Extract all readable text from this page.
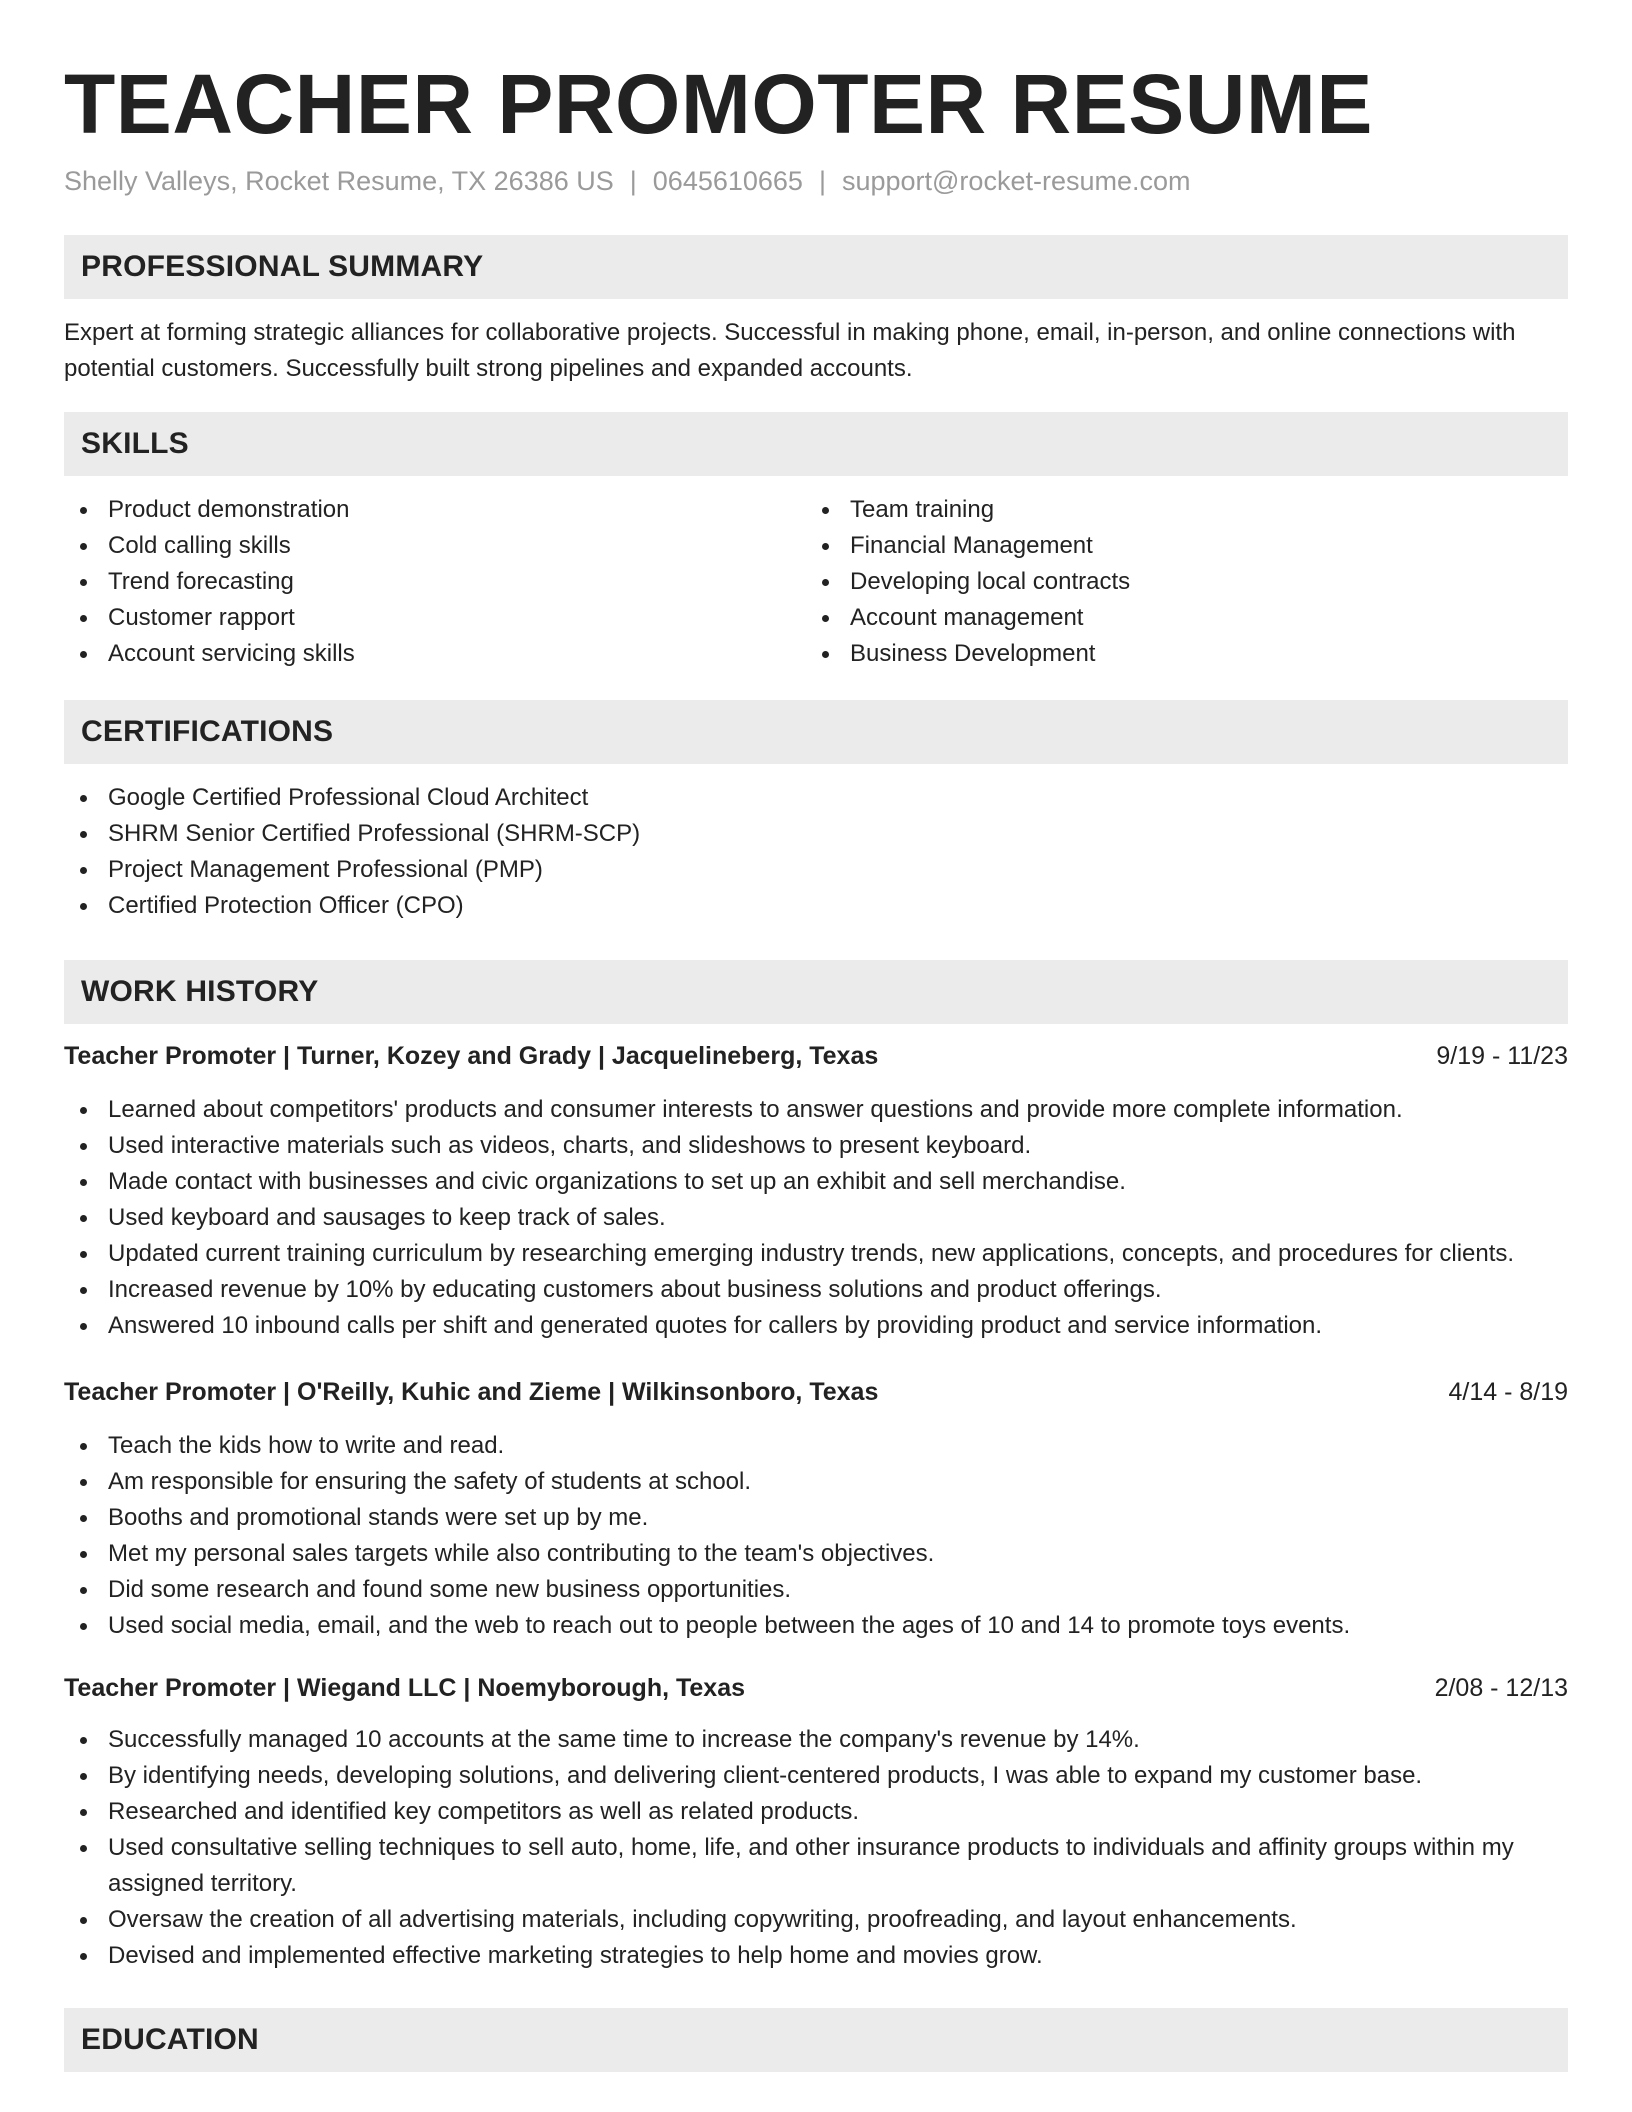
TEACHER PROMOTER RESUME
Shelly Valleys, Rocket Resume, TX 26386 US | 0645610665 | support@rocket-resume.com
PROFESSIONAL SUMMARY

Expert at forming strategic alliances for collaborative projects. Successful in making phone, email, in-person, and online connections with potential customers. Successfully built strong pipelines and expanded accounts.

SKILLS
Product demonstration
Cold calling skills
Trend forecasting
Customer rapport
Account servicing skills
Team training
Financial Management
Developing local contracts
Account management
Business Development
CERTIFICATIONS
Google Certified Professional Cloud Architect
SHRM Senior Certified Professional (SHRM-SCP)
Project Management Professional (PMP)
Certified Protection Officer (CPO)
WORK HISTORY
Teacher Promoter | Turner, Kozey and Grady | Jacquelineberg, Texas	9/19 - 11/23
Learned about competitors' products and consumer interests to answer questions and provide more complete information.
Used interactive materials such as videos, charts, and slideshows to present keyboard.
Made contact with businesses and civic organizations to set up an exhibit and sell merchandise.
Used keyboard and sausages to keep track of sales.
Updated current training curriculum by researching emerging industry trends, new applications, concepts, and procedures for clients.
Increased revenue by 10% by educating customers about business solutions and product offerings.
Answered 10 inbound calls per shift and generated quotes for callers by providing product and service information.
Teacher Promoter | O'Reilly, Kuhic and Zieme | Wilkinsonboro, Texas	4/14 - 8/19
Teach the kids how to write and read.
Am responsible for ensuring the safety of students at school.
Booths and promotional stands were set up by me.
Met my personal sales targets while also contributing to the team's objectives.
Did some research and found some new business opportunities.
Used social media, email, and the web to reach out to people between the ages of 10 and 14 to promote toys events.
Teacher Promoter | Wiegand LLC | Noemyborough, Texas	2/08 - 12/13
Successfully managed 10 accounts at the same time to increase the company's revenue by 14%.
By identifying needs, developing solutions, and delivering client-centered products, I was able to expand my customer base.
Researched and identified key competitors as well as related products.
Used consultative selling techniques to sell auto, home, life, and other insurance products to individuals and affinity groups within my assigned territory.
Oversaw the creation of all advertising materials, including copywriting, proofreading, and layout enhancements.
Devised and implemented effective marketing strategies to help home and movies grow.
EDUCATION
